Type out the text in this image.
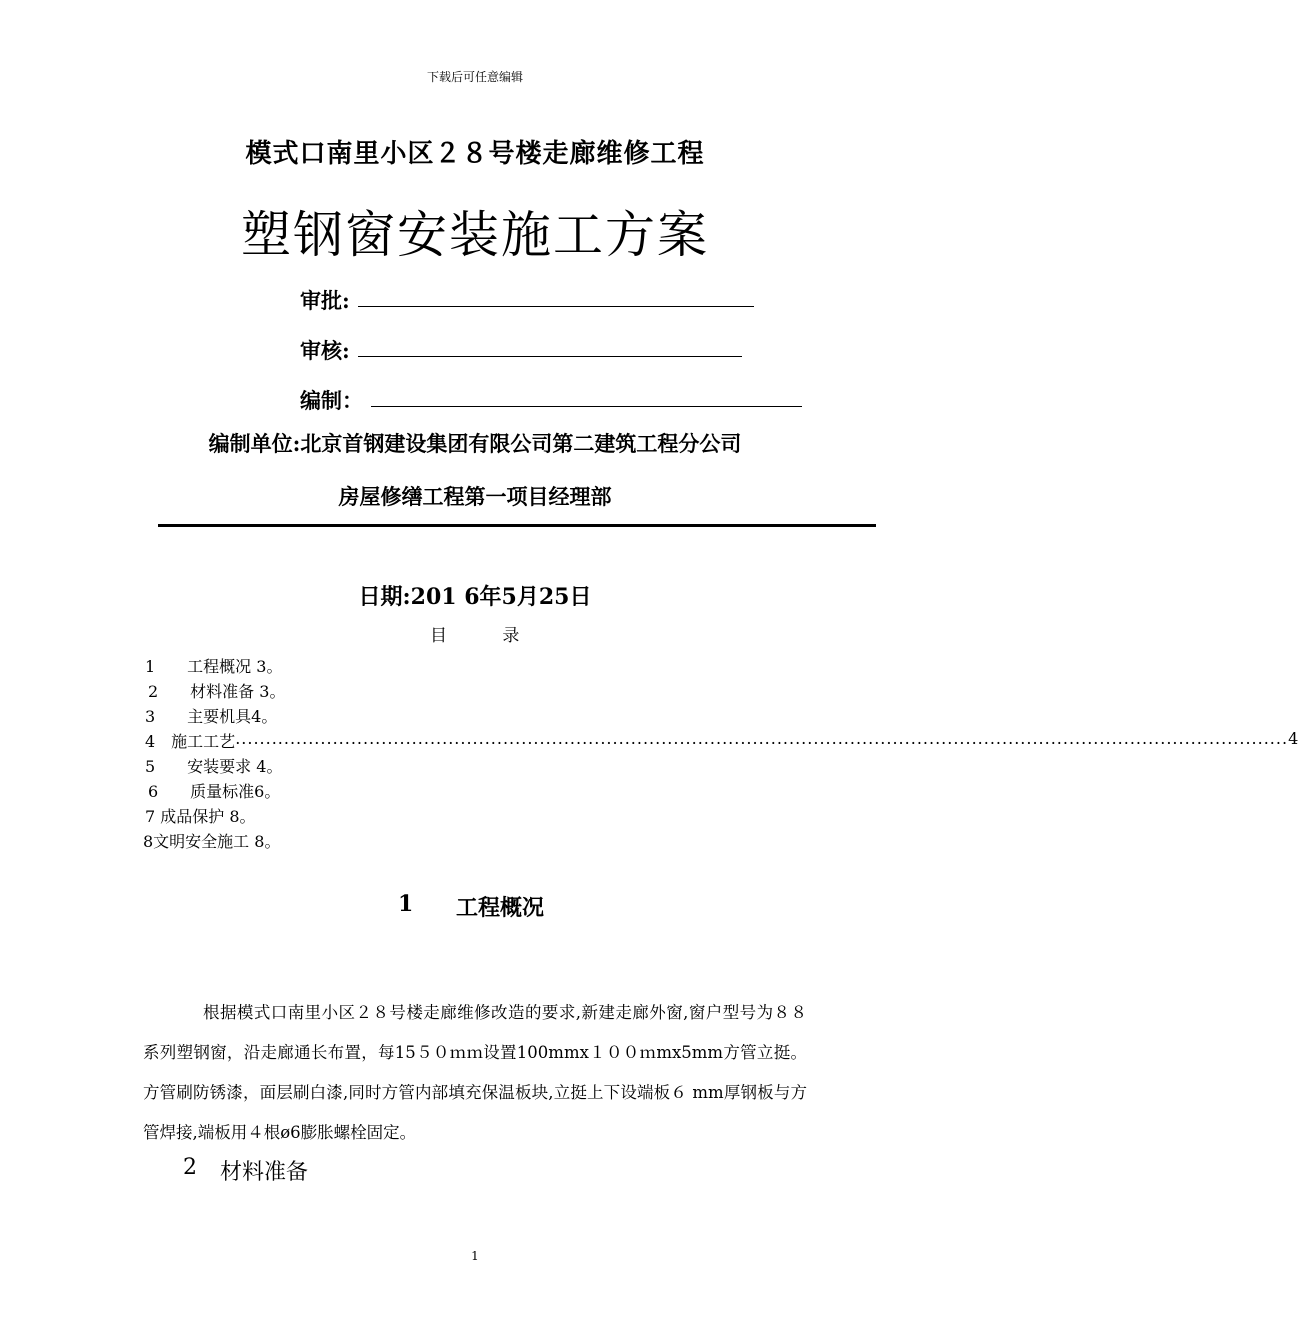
下载后可任意编辑
模式口南里小区２８号楼走廊维修工程
塑钢窗安装施工方案
审批:
审核:
编制：
编制单位:北京首钢建设集团有限公司第二建筑工程分公司
房屋修缮工程第一项目经理部
日期:201 6年5月25日
目 录
1　　工程概况 3。
2　　材料准备 3。
3　　主要机具4。
4　施工工艺 ............................................................................................................................................................................. 4
5　　安装要求 4。
6　　质量标准6。
7 成品保护 8。
8文明安全施工 8。
1 工程概况
根据模式口南里小区２８号楼走廊维修改造的要求,新建走廊外窗,窗户型号为８８系列塑钢窗，沿走廊通长布置，每15５０ｍｍ设置100mmx１００ｍmx5mm方管立挺。方管刷防锈漆，面层刷白漆,同时方管内部填充保温板块,立挺上下设端板６ mm厚钢板与方管焊接,端板用４根ø6膨胀螺栓固定。
2 材料准备
1
